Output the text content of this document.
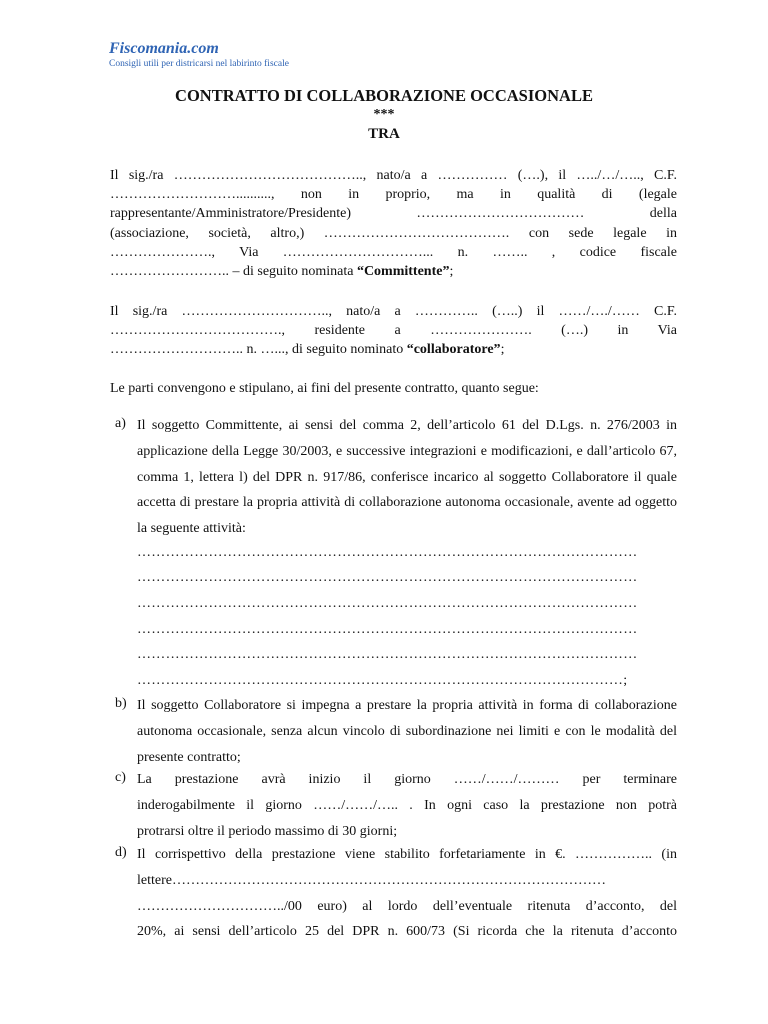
Fiscomania.com
Consigli utili per districarsi nel labirinto fiscale
CONTRATTO DI COLLABORAZIONE OCCASIONALE
***
TRA
Il sig./ra ………………………………….., nato/a a …………… (….), il …../…/….., C.F.
……………………….........., non in proprio, ma in qualità di (legale
rappresentante/Amministratore/Presidente) ……………………………… della
(associazione, società, altro,) …………………………………. con sede legale in
…………………., Via …………………………... n. …….. , codice fiscale
…………………….. – di seguito nominata “Committente”;
Il sig./ra ………………………….., nato/a a ………….. (…..) il ……/…./…… C.F.
………………………………., residente a …………………. (….) in Via
……………………….. n. …..., di seguito nominato “collaboratore”;
Le parti convengono e stipulano, ai fini del presente contratto, quanto segue:
a) Il soggetto Committente, ai sensi del comma 2, dell’articolo 61 del D.Lgs. n. 276/2003 in applicazione della Legge 30/2003, e successive integrazioni e modificazioni, e dall’articolo 67, comma 1, lettera l) del DPR n. 917/86, conferisce incarico al soggetto Collaboratore il quale accetta di prestare la propria attività di collaborazione autonoma occasionale, avente ad oggetto la seguente attività:
……………………………………………………………………………………………
……………………………………………………………………………………………
……………………………………………………………………………………………
……………………………………………………………………………………………
……………………………………………………………………………………………
…………………………………………………………………………………………;
b) Il soggetto Collaboratore si impegna a prestare la propria attività in forma di collaborazione autonoma occasionale, senza alcun vincolo di subordinazione nei limiti e con le modalità del presente contratto;
c) La prestazione avrà inizio il giorno ……/……/……… per terminare
inderogabilmente il giorno ……/……/….. . In ogni caso la prestazione non potrà
protrarsi oltre il periodo massimo di 30 giorni;
d) Il corrispettivo della prestazione viene stabilito forfetariamente in €. …………….. (in
lettere…………………………………………………………………………………
…………………………../00 euro) al lordo dell’eventuale ritenuta d’acconto, del
20%, ai sensi dell’articolo 25 del DPR n. 600/73 (Si ricorda che la ritenuta d’acconto
